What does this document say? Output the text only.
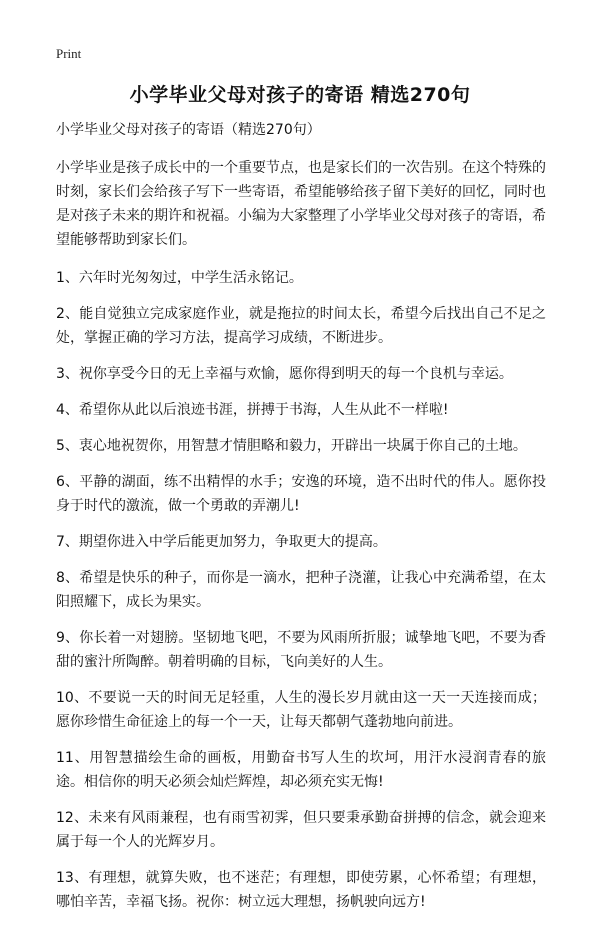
Print
小学毕业父母对孩子的寄语 精选270句

小学毕业父母对孩子的寄语（精选270句）

小学毕业是孩子成长中的一个重要节点，也是家长们的一次告别。在这个特殊的时刻，家长们会给孩子写下一些寄语，希望能够给孩子留下美好的回忆，同时也是对孩子未来的期许和祝福。小编为大家整理了小学毕业父母对孩子的寄语，希望能够帮助到家长们。

1、六年时光匆匆过，中学生活永铭记。

2、能自觉独立完成家庭作业，就是拖拉的时间太长，希望今后找出自己不足之处，掌握正确的学习方法，提高学习成绩，不断进步。

3、祝你享受今日的无上幸福与欢愉，愿你得到明天的每一个良机与幸运。

4、希望你从此以后浪迹书涯，拼搏于书海，人生从此不一样啦!

5、衷心地祝贺你，用智慧才情胆略和毅力，开辟出一块属于你自己的土地。

6、平静的湖面，练不出精悍的水手；安逸的环境，造不出时代的伟人。愿你投身于时代的激流，做一个勇敢的弄潮儿!

7、期望你进入中学后能更加努力，争取更大的提高。

8、希望是快乐的种子，而你是一滴水，把种子浇灌，让我心中充满希望，在太阳照耀下，成长为果实。

9、你长着一对翅膀。坚韧地飞吧，不要为风雨所折服；诚挚地飞吧，不要为香甜的蜜汁所陶醉。朝着明确的目标，飞向美好的人生。

10、不要说一天的时间无足轻重，人生的漫长岁月就由这一天一天连接而成；愿你珍惜生命征途上的每一个一天，让每天都朝气蓬勃地向前进。

11、用智慧描绘生命的画板，用勤奋书写人生的坎坷，用汗水浸润青春的旅途。相信你的明天必须会灿烂辉煌，却必须充实无悔!

12、未来有风雨兼程，也有雨雪初霁，但只要秉承勤奋拼搏的信念，就会迎来属于每一个人的光辉岁月。

13、有理想，就算失败，也不迷茫；有理想，即使劳累，心怀希望；有理想，哪怕辛苦，幸福飞扬。祝你：树立远大理想，扬帆驶向远方!
